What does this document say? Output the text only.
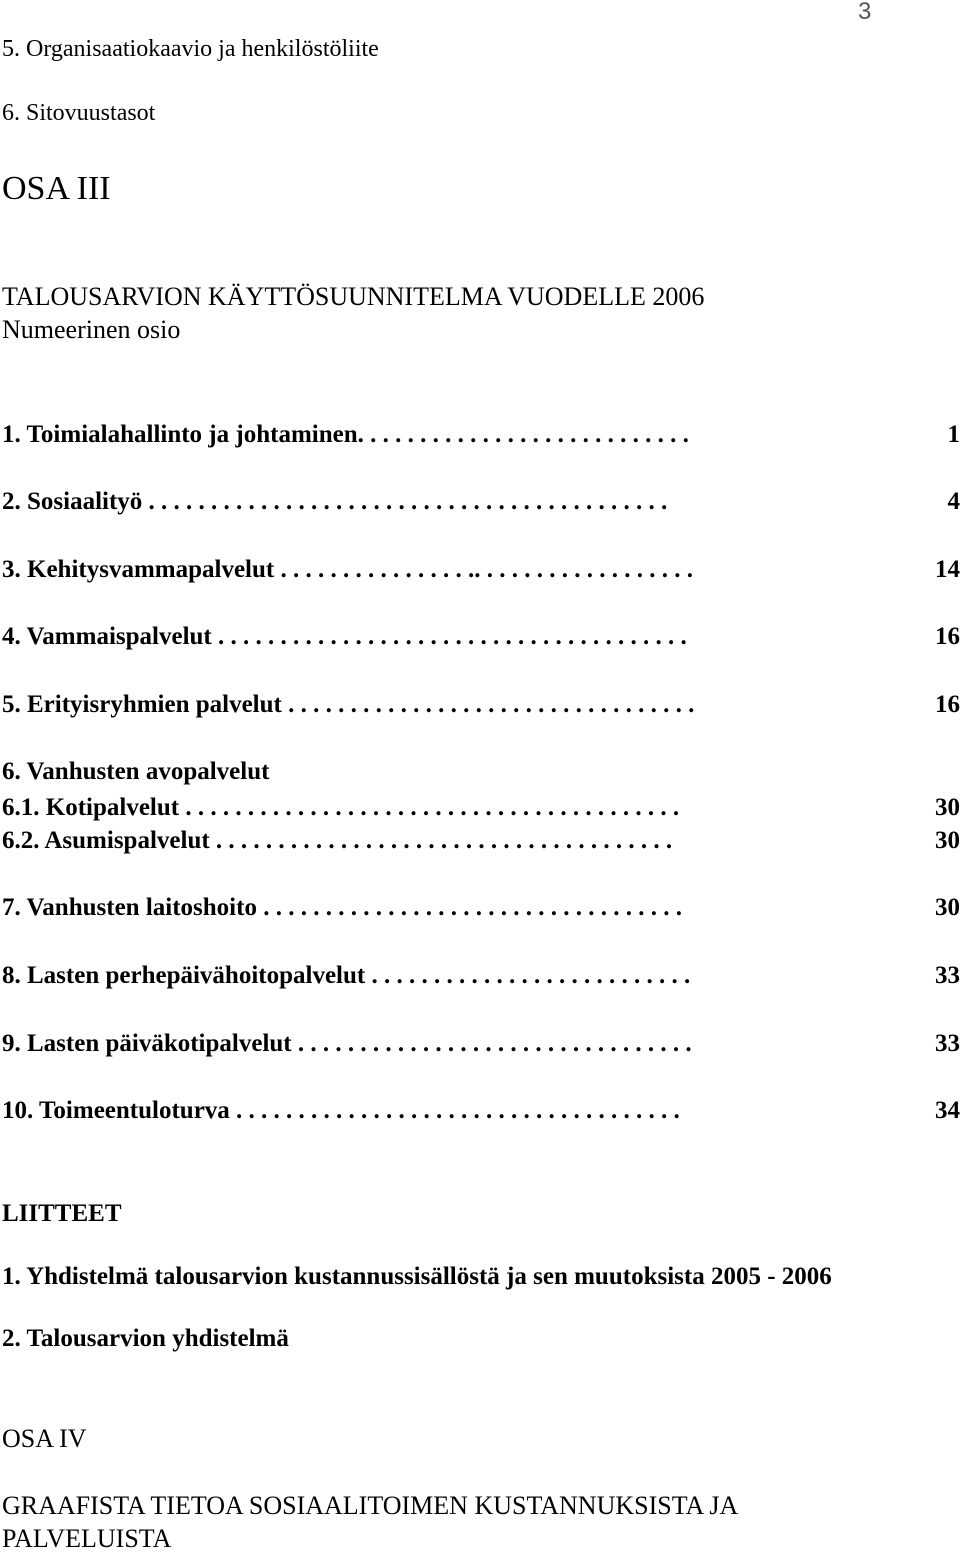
3
5. Organisaatiokaavio ja henkilöstöliite
6. Sitovuustasot
OSA III
TALOUSARVION KÄYTTÖSUUNNITELMA VUODELLE 2006
Numeerinen osio
1. Toimialahallinto ja johtaminen. . . . . . . . . . . . . . . . . . . . . . . . . . .	1
2. Sosiaalityö . . . . . . . . . . . . . . . . . . . . . . . . . . . . . . . . . . . . . . . . . .	4
3. Kehitysvammapalvelut . . . . . . . . . . . . . . . .. . . . . . . . . . . . . . . . . .	14
4. Vammaispalvelut . . . . . . . . . . . . . . . . . . . . . . . . . . . . . . . . . . . . . .	16
5. Erityisryhmien palvelut . . . . . . . . . . . . . . . . . . . . . . . . . . . . . . . . .	16
6. Vanhusten avopalvelut
6.1. Kotipalvelut . . . . . . . . . . . . . . . . . . . . . . . . . . . . . . . . . . . . . . . .	30
6.2. Asumispalvelut . . . . . . . . . . . . . . . . . . . . . . . . . . . . . . . . . . . . .	30
7. Vanhusten laitoshoito . . . . . . . . . . . . . . . . . . . . . . . . . . . . . . . . . .	30
8. Lasten perhepäivähoitopalvelut . . . . . . . . . . . . . . . . . . . . . . . . . .	33
9. Lasten päiväkotipalvelut . . . . . . . . . . . . . . . . . . . . . . . . . . . . . . . .	33
10. Toimeentuloturva . . . . . . . . . . . . . . . . . . . . . . . . . . . . . . . . . . . .	34
LIITTEET
1. Yhdistelmä talousarvion kustannussisällöstä ja sen muutoksista 2005 - 2006
2. Talousarvion yhdistelmä
OSA IV
GRAAFISTA TIETOA SOSIAALITOIMEN KUSTANNUKSISTA JA
PALVELUISTA
